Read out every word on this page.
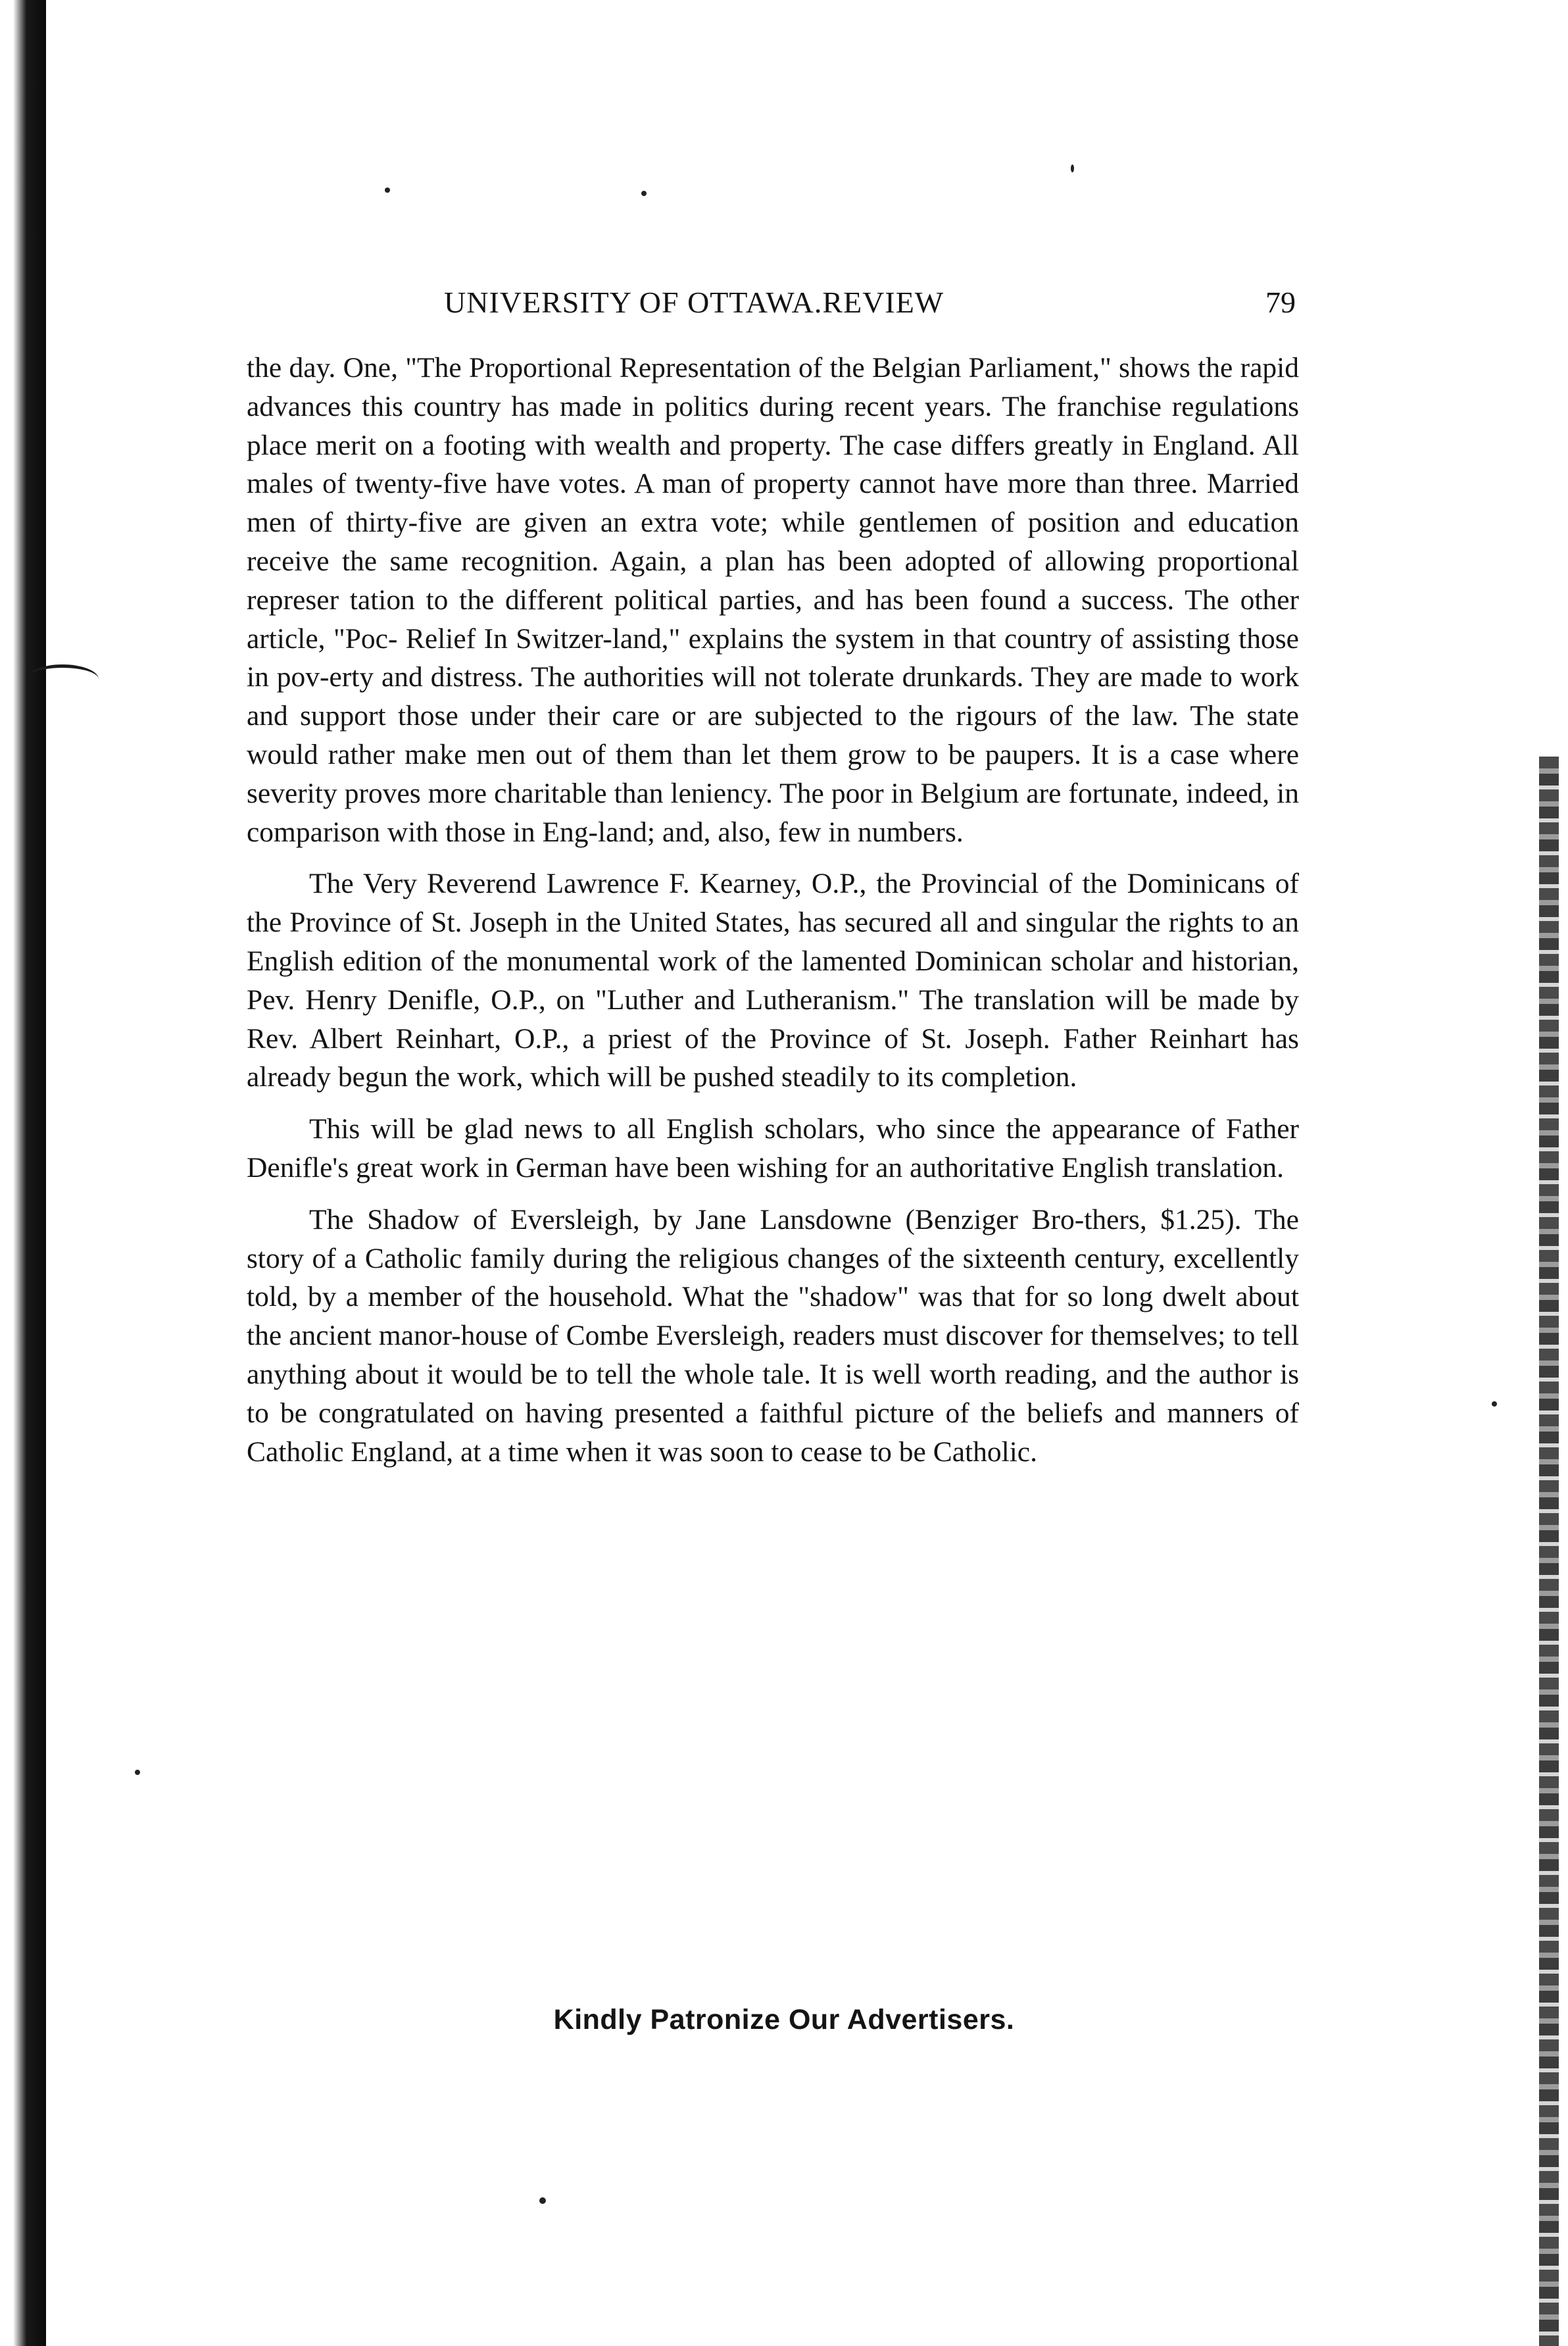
UNIVERSITY OF OTTAWA.REVIEW	79

the day. One, "The Proportional Representation of the Belgian Parliament," shows the rapid advances this country has made in politics during recent years. The franchise regulations place merit on a footing with wealth and property. The case differs greatly in England. All males of twenty-five have votes. A man of property cannot have more than three. Married men of thirty-five are given an extra vote; while gentlemen of position and education receive the same recognition. Again, a plan has been adopted of allowing proportional represer tation to the different political parties, and has been found a success. The other article, "Poc- Relief In Switzer-land," explains the system in that country of assisting those in pov-erty and distress. The authorities will not tolerate drunkards. They are made to work and support those under their care or are subjected to the rigours of the law. The state would rather make men out of them than let them grow to be paupers. It is a case where severity proves more charitable than leniency. The poor in Belgium are fortunate, indeed, in comparison with those in Eng-land; and, also, few in numbers.

The Very Reverend Lawrence F. Kearney, O.P., the Provincial of the Dominicans of the Province of St. Joseph in the United States, has secured all and singular the rights to an English edition of the monumental work of the lamented Dominican scholar and historian, Pev. Henry Denifle, O.P., on "Luther and Lutheranism." The translation will be made by Rev. Albert Reinhart, O.P., a priest of the Province of St. Joseph. Father Reinhart has already begun the work, which will be pushed steadily to its completion.

This will be glad news to all English scholars, who since the appearance of Father Denifle's great work in German have been wishing for an authoritative English translation.

The Shadow of Eversleigh, by Jane Lansdowne (Benziger Bro-thers, $1.25). The story of a Catholic family during the religious changes of the sixteenth century, excellently told, by a member of the household. What the "shadow" was that for so long dwelt about the ancient manor-house of Combe Eversleigh, readers must discover for themselves; to tell anything about it would be to tell the whole tale. It is well worth reading, and the author is to be congratulated on having presented a faithful picture of the beliefs and manners of Catholic England, at a time when it was soon to cease to be Catholic.

Kindly Patronize Our Advertisers.
